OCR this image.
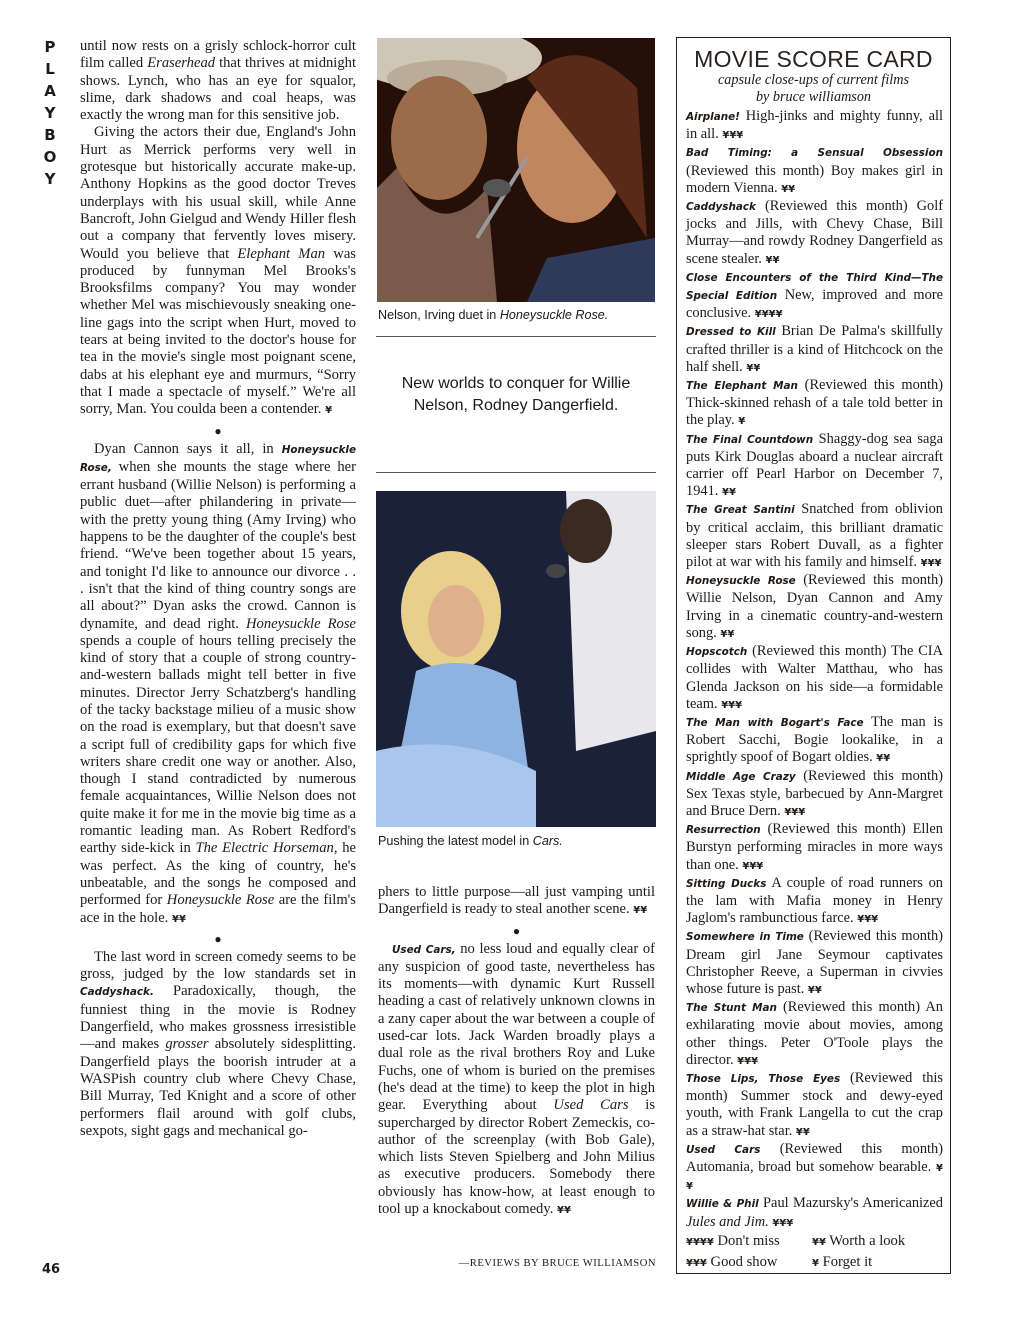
P
L
A
Y
B
O
Y
46

until now rests on a grisly schlock-horror cult film called Eraserhead that thrives at midnight shows. Lynch, who has an eye for squalor, slime, dark shadows and coal heaps, was exactly the wrong man for this sensitive job.

Giving the actors their due, England's John Hurt as Merrick performs very well in grotesque but historically accurate make-up. Anthony Hopkins as the good doctor Treves underplays with his usual skill, while Anne Bancroft, John Gielgud and Wendy Hiller flesh out a company that fervently loves misery. Would you believe that Elephant Man was produced by funnyman Mel Brooks's Brooksfilms company? You may wonder whether Mel was mischievously sneaking one-line gags into the script when Hurt, moved to tears at being invited to the doctor's house for tea in the movie's single most poignant scene, dabs at his elephant eye and murmurs, “Sorry that I made a spectacle of myself.” We're all sorry, Man. You coulda been a contender. ¥

●

Dyan Cannon says it all, in Honeysuckle Rose, when she mounts the stage where her errant husband (Willie Nelson) is performing a public duet—after philandering in private—with the pretty young thing (Amy Irving) who happens to be the daughter of the couple's best friend. “We've been together about 15 years, and tonight I'd like to announce our divorce . . . isn't that the kind of thing country songs are all about?” Dyan asks the crowd. Cannon is dynamite, and dead right. Honeysuckle Rose spends a couple of hours telling precisely the kind of story that a couple of strong country-and-western ballads might tell better in five minutes. Director Jerry Schatzberg's handling of the tacky backstage milieu of a music show on the road is exemplary, but that doesn't save a script full of credibility gaps for which five writers share credit one way or another. Also, though I stand contradicted by numerous female acquaintances, Willie Nelson does not quite make it for me in the movie big time as a romantic leading man. As Robert Redford's earthy side-kick in The Electric Horseman, he was perfect. As the king of country, he's unbeatable, and the songs he composed and performed for Honeysuckle Rose are the film's ace in the hole. ¥¥

●

The last word in screen comedy seems to be gross, judged by the low standards set in Caddyshack. Paradoxically, though, the funniest thing in the movie is Rodney Dangerfield, who makes grossness irresistible—and makes grosser absolutely sidesplitting. Dangerfield plays the boorish intruder at a WASPish country club where Chevy Chase, Bill Murray, Ted Knight and a score of other performers flail around with golf clubs, sexpots, sight gags and mechanical go-

Nelson, Irving duet in Honeysuckle Rose.
New worlds to conquer for Willie Nelson, Rodney Dangerfield.
Pushing the latest model in Cars.

phers to little purpose—all just vamping until Dangerfield is ready to steal another scene. ¥¥

●

Used Cars, no less loud and equally clear of any suspicion of good taste, nevertheless has its moments—with dynamic Kurt Russell heading a cast of relatively unknown clowns in a zany caper about the war between a couple of used-car lots. Jack Warden broadly plays a dual role as the rival brothers Roy and Luke Fuchs, one of whom is buried on the premises (he's dead at the time) to keep the plot in high gear. Everything about Used Cars is supercharged by director Robert Zemeckis, co-author of the screenplay (with Bob Gale), which lists Steven Spielberg and John Milius as executive producers. Somebody there obviously has know-how, at least enough to tool up a knockabout comedy. ¥¥

—REVIEWS BY BRUCE WILLIAMSON
MOVIE SCORE CARD
capsule close-ups of current films
by bruce williamson
Airplane! High-jinks and mighty funny, all in all. ¥¥¥
Bad Timing: a Sensual Obsession (Reviewed this month) Boy makes girl in modern Vienna. ¥¥
Caddyshack (Reviewed this month) Golf jocks and Jills, with Chevy Chase, Bill Murray—and rowdy Rodney Dangerfield as scene stealer. ¥¥
Close Encounters of the Third Kind—The Special Edition New, improved and more conclusive. ¥¥¥¥
Dressed to Kill Brian De Palma's skillfully crafted thriller is a kind of Hitchcock on the half shell. ¥¥
The Elephant Man (Reviewed this month) Thick-skinned rehash of a tale told better in the play. ¥
The Final Countdown Shaggy-dog sea saga puts Kirk Douglas aboard a nuclear aircraft carrier off Pearl Harbor on December 7, 1941. ¥¥
The Great Santini Snatched from oblivion by critical acclaim, this brilliant dramatic sleeper stars Robert Duvall, as a fighter pilot at war with his family and himself. ¥¥¥
Honeysuckle Rose (Reviewed this month) Willie Nelson, Dyan Cannon and Amy Irving in a cinematic country-and-western song. ¥¥
Hopscotch (Reviewed this month) The CIA collides with Walter Matthau, who has Glenda Jackson on his side—a formidable team. ¥¥¥
The Man with Bogart's Face The man is Robert Sacchi, Bogie lookalike, in a sprightly spoof of Bogart oldies. ¥¥
Middle Age Crazy (Reviewed this month) Sex Texas style, barbecued by Ann-Margret and Bruce Dern. ¥¥¥
Resurrection (Reviewed this month) Ellen Burstyn performing miracles in more ways than one. ¥¥¥
Sitting Ducks A couple of road runners on the lam with Mafia money in Henry Jaglom's rambunctious farce. ¥¥¥
Somewhere in Time (Reviewed this month) Dream girl Jane Seymour captivates Christopher Reeve, a Superman in civvies whose future is past. ¥¥
The Stunt Man (Reviewed this month) An exhilarating movie about movies, among other things. Peter O'Toole plays the director. ¥¥¥
Those Lips, Those Eyes (Reviewed this month) Summer stock and dewy-eyed youth, with Frank Langella to cut the crap as a straw-hat star. ¥¥
Used Cars (Reviewed this month) Automania, broad but somehow bearable. ¥¥
Willie & Phil Paul Mazursky's Americanized Jules and Jim. ¥¥¥
¥¥¥¥ Don't miss	¥¥ Worth a look
¥¥¥ Good show	¥ Forget it
